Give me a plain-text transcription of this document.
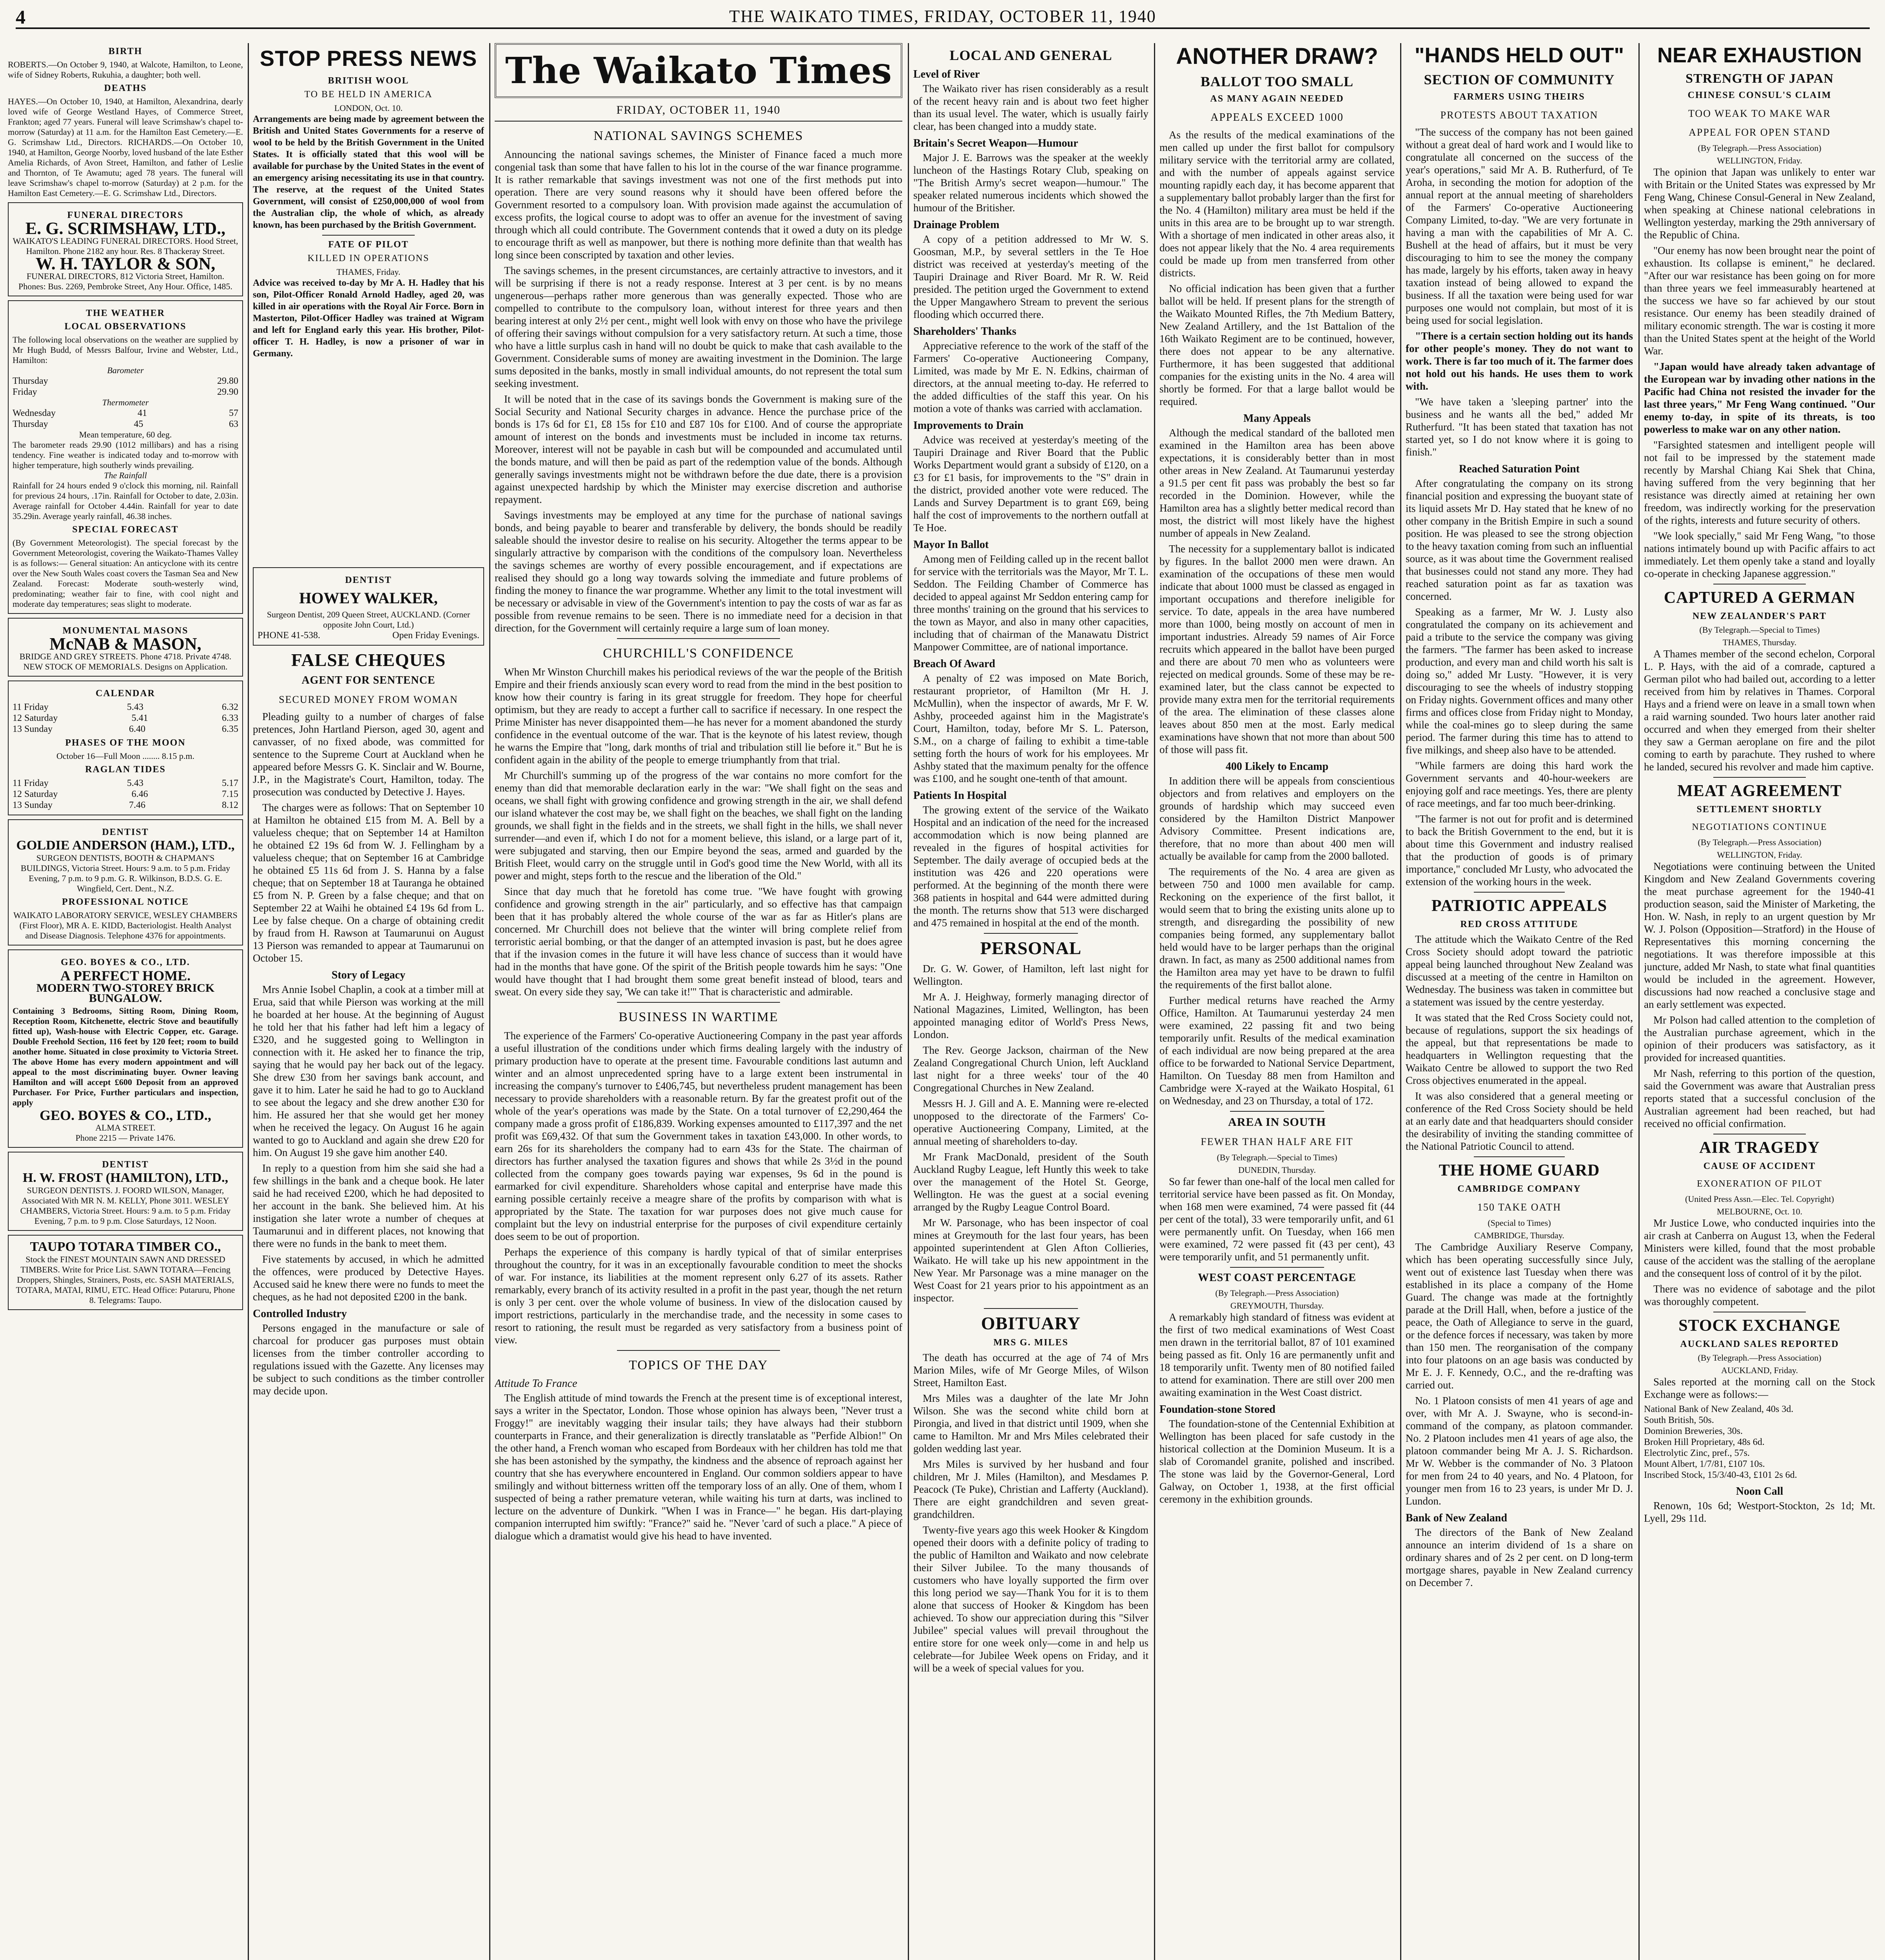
4	THE WAIKATO TIMES, FRIDAY, OCTOBER 11, 1940
BIRTH
ROBERTS.—On October 9, 1940, at Walcote, Hamilton, to Leone, wife of Sidney Roberts, Rukuhia, a daughter; both well.
DEATHS
HAYES.—On October 10, 1940, at Hamilton, Alexandrina, dearly loved wife of George Westland Hayes, of Commerce Street, Frankton; aged 77 years. Funeral will leave Scrimshaw's chapel to-morrow (Saturday) at 11 a.m. for the Hamilton East Cemetery.—E. G. Scrimshaw Ltd., Directors. RICHARDS.—On October 10, 1940, at Hamilton, George Noorby, loved husband of the late Esther Amelia Richards, of Avon Street, Hamilton, and father of Leslie and Thornton, of Te Awamutu; aged 78 years. The funeral will leave Scrimshaw's chapel to-morrow (Saturday) at 2 p.m. for the Hamilton East Cemetery.—E. G. Scrimshaw Ltd., Directors.
FUNERAL DIRECTORS
E. G. SCRIMSHAW, LTD.,
WAIKATO'S LEADING FUNERAL DIRECTORS. Hood Street, Hamilton. Phone 2182 any hour. Res. 8 Thackeray Street.
W. H. TAYLOR & SON,
FUNERAL DIRECTORS, 812 Victoria Street, Hamilton. Phones: Bus. 2269, Pembroke Street, Any Hour. Office, 1485.
THE WEATHER
LOCAL OBSERVATIONS
The following local observations on the weather are supplied by Mr Hugh Budd, of Messrs Balfour, Irvine and Webster, Ltd., Hamilton:
Barometer
Thursday	29.80
Friday	29.90
Thermometer
Wednesday	41	57
Thursday	45	63
Mean temperature, 60 deg.
The barometer reads 29.90 (1012 millibars) and has a rising tendency. Fine weather is indicated today and to-morrow with higher temperature, high southerly winds prevailing.
The Rainfall
Rainfall for 24 hours ended 9 o'clock this morning, nil. Rainfall for previous 24 hours, .17in. Rainfall for October to date, 2.03in. Average rainfall for October 4.44in. Rainfall for year to date 35.29in. Average yearly rainfall, 46.38 inches.
SPECIAL FORECAST
(By Government Meteorologist). The special forecast by the Government Meteorologist, covering the Waikato-Thames Valley is as follows:— General situation: An anticyclone with its centre over the New South Wales coast covers the Tasman Sea and New Zealand. Forecast: Moderate south-westerly wind, predominating; weather fair to fine, with cool night and moderate day temperatures; seas slight to moderate.
MONUMENTAL MASONS
McNAB & MASON,
BRIDGE AND GREY STREETS. Phone 4718. Private 4748. NEW STOCK OF MEMORIALS. Designs on Application.
CALENDAR
11 Friday	5.43	6.32
12 Saturday	5.41	6.33
13 Sunday	6.40	6.35
PHASES OF THE MOON
October 16—Full Moon ........ 8.15 p.m.
RAGLAN TIDES
11 Friday	5.43	5.17
12 Saturday	6.46	7.15
13 Sunday	7.46	8.12
DENTIST
GOLDIE ANDERSON (HAM.), LTD.,
SURGEON DENTISTS, BOOTH & CHAPMAN'S BUILDINGS, Victoria Street. Hours: 9 a.m. to 5 p.m. Friday Evening, 7 p.m. to 9 p.m. G. R. Wilkinson, B.D.S. G. E. Wingfield, Cert. Dent., N.Z.
PROFESSIONAL NOTICE
WAIKATO LABORATORY SERVICE, WESLEY CHAMBERS (First Floor), MR A. E. KIDD, Bacteriologist. Health Analyst and Disease Diagnosis. Telephone 4376 for appointments.
GEO. BOYES & CO., LTD.
A PERFECT HOME.
MODERN TWO-STOREY BRICK BUNGALOW.
Containing 3 Bedrooms, Sitting Room, Dining Room, Reception Room, Kitchenette, electric Stove and beautifully fitted up), Wash-house with Electric Copper, etc. Garage. Double Freehold Section, 116 feet by 120 feet; room to build another home. Situated in close proximity to Victoria Street. The above Home has every modern appointment and will appeal to the most discriminating buyer. Owner leaving Hamilton and will accept £600 Deposit from an approved Purchaser. For Price, Further particulars and inspection, apply
GEO. BOYES & CO., LTD.,
ALMA STREET.
Phone 2215 — Private 1476.
DENTIST
H. W. FROST (HAMILTON), LTD.,
SURGEON DENTISTS. J. FOORD WILSON, Manager, Associated With MR N. M. KELLY, Phone 3011. WESLEY CHAMBERS, Victoria Street. Hours: 9 a.m. to 5 p.m. Friday Evening, 7 p.m. to 9 p.m. Close Saturdays, 12 Noon.
TAUPO TOTARA TIMBER CO.,
Stock the FINEST MOUNTAIN SAWN AND DRESSED TIMBERS. Write for Price List. SAWN TOTARA—Fencing Droppers, Shingles, Strainers, Posts, etc. SASH MATERIALS, TOTARA, MATAI, RIMU, ETC. Head Office: Putaruru, Phone 8. Telegrams: Taupo.
STOP PRESS NEWS
BRITISH WOOL
TO BE HELD IN AMERICA
LONDON, Oct. 10.
Arrangements are being made by agreement between the British and United States Governments for a reserve of wool to be held by the British Government in the United States. It is officially stated that this wool will be available for purchase by the United States in the event of an emergency arising necessitating its use in that country. The reserve, at the request of the United States Government, will consist of £250,000,000 of wool from the Australian clip, the whole of which, as already known, has been purchased by the British Government.
FATE OF PILOT
KILLED IN OPERATIONS
THAMES, Friday.
Advice was received to-day by Mr A. H. Hadley that his son, Pilot-Officer Ronald Arnold Hadley, aged 20, was killed in air operations with the Royal Air Force. Born in Masterton, Pilot-Officer Hadley was trained at Wigram and left for England early this year. His brother, Pilot-officer T. H. Hadley, is now a prisoner of war in Germany.
DENTIST
HOWEY WALKER,
Surgeon Dentist, 209 Queen Street, AUCKLAND. (Corner opposite John Court, Ltd.)
PHONE 41-538.	Open Friday Evenings.
FALSE CHEQUES
AGENT FOR SENTENCE
SECURED MONEY FROM WOMAN

Pleading guilty to a number of charges of false pretences, John Hartland Pierson, aged 30, agent and canvasser, of no fixed abode, was committed for sentence to the Supreme Court at Auckland when he appeared before Messrs G. K. Sinclair and W. Bourne, J.P., in the Magistrate's Court, Hamilton, today. The prosecution was conducted by Detective J. Hayes.

The charges were as follows: That on September 10 at Hamilton he obtained £15 from M. A. Bell by a valueless cheque; that on September 14 at Hamilton he obtained £2 19s 6d from W. J. Fellingham by a valueless cheque; that on September 16 at Cambridge he obtained £5 11s 6d from J. S. Hanna by a false cheque; that on September 18 at Tauranga he obtained £5 from N. P. Green by a false cheque; and that on September 22 at Waihi he obtained £4 19s 6d from L. Lee by false cheque. On a charge of obtaining credit by fraud from H. Rawson at Taumarunui on August 13 Pierson was remanded to appear at Taumarunui on October 15.

Story of Legacy

Mrs Annie Isobel Chaplin, a cook at a timber mill at Erua, said that while Pierson was working at the mill he boarded at her house. At the beginning of August he told her that his father had left him a legacy of £320, and he suggested going to Wellington in connection with it. He asked her to finance the trip, saying that he would pay her back out of the legacy. She drew £30 from her savings bank account, and gave it to him. Later he said he had to go to Auckland to see about the legacy and she drew another £30 for him. He assured her that she would get her money when he received the legacy. On August 16 he again wanted to go to Auckland and again she drew £20 for him. On August 19 she gave him another £40.

In reply to a question from him she said she had a few shillings in the bank and a cheque book. He later said he had received £200, which he had deposited to her account in the bank. She believed him. At his instigation she later wrote a number of cheques at Taumarunui and in different places, not knowing that there were no funds in the bank to meet them.

Five statements by accused, in which he admitted the offences, were produced by Detective Hayes. Accused said he knew there were no funds to meet the cheques, as he had not deposited £200 in the bank.

Controlled Industry

Persons engaged in the manufacture or sale of charcoal for producer gas purposes must obtain licenses from the timber controller according to regulations issued with the Gazette. Any licenses may be subject to such conditions as the timber controller may decide upon.

The Waikato Times
FRIDAY, OCTOBER 11, 1940
NATIONAL SAVINGS SCHEMES

Announcing the national savings schemes, the Minister of Finance faced a much more congenial task than some that have fallen to his lot in the course of the war finance programme. It is rather remarkable that savings investment was not one of the first methods put into operation. There are very sound reasons why it should have been offered before the Government resorted to a compulsory loan. With provision made against the accumulation of excess profits, the logical course to adopt was to offer an avenue for the investment of saving through which all could contribute. The Government contends that it owed a duty on its pledge to encourage thrift as well as manpower, but there is nothing more definite than that wealth has long since been conscripted by taxation and other levies.

The savings schemes, in the present circumstances, are certainly attractive to investors, and it will be surprising if there is not a ready response. Interest at 3 per cent. is by no means ungenerous—perhaps rather more generous than was generally expected. Those who are compelled to contribute to the compulsory loan, without interest for three years and then bearing interest at only 2½ per cent., might well look with envy on those who have the privilege of offering their savings without compulsion for a very satisfactory return. At such a time, those who have a little surplus cash in hand will no doubt be quick to make that cash available to the Government. Considerable sums of money are awaiting investment in the Dominion. The large sums deposited in the banks, mostly in small individual amounts, do not represent the total sum seeking investment.

It will be noted that in the case of its savings bonds the Government is making sure of the Social Security and National Security charges in advance. Hence the purchase price of the bonds is 17s 6d for £1, £8 15s for £10 and £87 10s for £100. And of course the appropriate amount of interest on the bonds and investments must be included in income tax returns. Moreover, interest will not be payable in cash but will be compounded and accumulated until the bonds mature, and will then be paid as part of the redemption value of the bonds. Although generally savings investments might not be withdrawn before the due date, there is a provision against unexpected hardship by which the Minister may exercise discretion and authorise repayment.

Savings investments may be employed at any time for the purchase of national savings bonds, and being payable to bearer and transferable by delivery, the bonds should be readily saleable should the investor desire to realise on his security. Altogether the terms appear to be singularly attractive by comparison with the conditions of the compulsory loan. Nevertheless the savings schemes are worthy of every possible encouragement, and if expectations are realised they should go a long way towards solving the immediate and future problems of finding the money to finance the war programme. Whether any limit to the total investment will be necessary or advisable in view of the Government's intention to pay the costs of war as far as possible from revenue remains to be seen. There is no immediate need for a decision in that direction, for the Government will certainly require a large sum of loan money.

CHURCHILL'S CONFIDENCE

When Mr Winston Churchill makes his periodical reviews of the war the people of the British Empire and their friends anxiously scan every word to read from the mind in the best position to know how their country is faring in its great struggle for freedom. They hope for cheerful optimism, but they are ready to accept a further call to sacrifice if necessary. In one respect the Prime Minister has never disappointed them—he has never for a moment abandoned the sturdy confidence in the eventual outcome of the war. That is the keynote of his latest review, though he warns the Empire that "long, dark months of trial and tribulation still lie before it." But he is confident again in the ability of the people to emerge triumphantly from that trial.

Mr Churchill's summing up of the progress of the war contains no more comfort for the enemy than did that memorable declaration early in the war: "We shall fight on the seas and oceans, we shall fight with growing confidence and growing strength in the air, we shall defend our island whatever the cost may be, we shall fight on the beaches, we shall fight on the landing grounds, we shall fight in the fields and in the streets, we shall fight in the hills, we shall never surrender—and even if, which I do not for a moment believe, this island, or a large part of it, were subjugated and starving, then our Empire beyond the seas, armed and guarded by the British Fleet, would carry on the struggle until in God's good time the New World, with all its power and might, steps forth to the rescue and the liberation of the Old."

Since that day much that he foretold has come true. "We have fought with growing confidence and growing strength in the air" particularly, and so effective has that campaign been that it has probably altered the whole course of the war as far as Hitler's plans are concerned. Mr Churchill does not believe that the winter will bring complete relief from terroristic aerial bombing, or that the danger of an attempted invasion is past, but he does agree that if the invasion comes in the future it will have less chance of success than it would have had in the months that have gone. Of the spirit of the British people towards him he says: "One would have thought that I had brought them some great benefit instead of blood, tears and sweat. On every side they say, 'We can take it!'" That is characteristic and admirable.

BUSINESS IN WARTIME

The experience of the Farmers' Co-operative Auctioneering Company in the past year affords a useful illustration of the conditions under which firms dealing largely with the industry of primary production have to operate at the present time. Favourable conditions last autumn and winter and an almost unprecedented spring have to a large extent been instrumental in increasing the company's turnover to £406,745, but nevertheless prudent management has been necessary to provide shareholders with a reasonable return. By far the greatest profit out of the whole of the year's operations was made by the State. On a total turnover of £2,290,464 the company made a gross profit of £186,839. Working expenses amounted to £117,397 and the net profit was £69,432. Of that sum the Government takes in taxation £43,000. In other words, to earn 26s for its shareholders the company had to earn 43s for the State. The chairman of directors has further analysed the taxation figures and shows that while 2s 3½d in the pound collected from the company goes towards paying war expenses, 9s 6d in the pound is earmarked for civil expenditure. Shareholders whose capital and enterprise have made this earning possible certainly receive a meagre share of the profits by comparison with what is appropriated by the State. The taxation for war purposes does not give much cause for complaint but the levy on industrial enterprise for the purposes of civil expenditure certainly does seem to be out of proportion.

Perhaps the experience of this company is hardly typical of that of similar enterprises throughout the country, for it was in an exceptionally favourable condition to meet the shocks of war. For instance, its liabilities at the moment represent only 6.27 of its assets. Rather remarkably, every branch of its activity resulted in a profit in the past year, though the net return is only 3 per cent. over the whole volume of business. In view of the dislocation caused by import restrictions, particularly in the merchandise trade, and the necessity in some cases to resort to rationing, the result must be regarded as very satisfactory from a business point of view.

TOPICS OF THE DAY
Attitude To France

The English attitude of mind towards the French at the present time is of exceptional interest, says a writer in the Spectator, London. Those whose opinion has always been, "Never trust a Froggy!" are inevitably wagging their insular tails; they have always had their stubborn counterparts in France, and their generalization is directly translatable as "Perfide Albion!" On the other hand, a French woman who escaped from Bordeaux with her children has told me that she has been astonished by the sympathy, the kindness and the absence of reproach against her country that she has everywhere encountered in England. Our common soldiers appear to have smilingly and without bitterness written off the temporary loss of an ally. One of them, whom I suspected of being a rather premature veteran, while waiting his turn at darts, was inclined to lecture on the adventure of Dunkirk. "When I was in France—" he began. His dart-playing companion interrupted him swiftly: "France?" said he. "Never 'card of such a place." A piece of dialogue which a dramatist would give his head to have invented.

LOCAL AND GENERAL
Level of River

The Waikato river has risen considerably as a result of the recent heavy rain and is about two feet higher than its usual level. The water, which is usually fairly clear, has been changed into a muddy state.

Britain's Secret Weapon—Humour

Major J. E. Barrows was the speaker at the weekly luncheon of the Hastings Rotary Club, speaking on "The British Army's secret weapon—humour." The speaker related numerous incidents which showed the humour of the Britisher.

Drainage Problem

A copy of a petition addressed to Mr W. S. Goosman, M.P., by several settlers in the Te Hoe district was received at yesterday's meeting of the Taupiri Drainage and River Board. Mr R. W. Reid presided. The petition urged the Government to extend the Upper Mangawhero Stream to prevent the serious flooding which occurred there.

Shareholders' Thanks

Appreciative reference to the work of the staff of the Farmers' Co-operative Auctioneering Company, Limited, was made by Mr E. N. Edkins, chairman of directors, at the annual meeting to-day. He referred to the added difficulties of the staff this year. On his motion a vote of thanks was carried with acclamation.

Improvements to Drain

Advice was received at yesterday's meeting of the Taupiri Drainage and River Board that the Public Works Department would grant a subsidy of £120, on a £3 for £1 basis, for improvements to the "S" drain in the district, provided another vote were reduced. The Lands and Survey Department is to grant £69, being half the cost of improvements to the northern outfall at Te Hoe.

Mayor In Ballot

Among men of Feilding called up in the recent ballot for service with the territorials was the Mayor, Mr T. L. Seddon. The Feilding Chamber of Commerce has decided to appeal against Mr Seddon entering camp for three months' training on the ground that his services to the town as Mayor, and also in many other capacities, including that of chairman of the Manawatu District Manpower Committee, are of national importance.

Breach Of Award

A penalty of £2 was imposed on Mate Borich, restaurant proprietor, of Hamilton (Mr H. J. McMullin), when the inspector of awards, Mr F. W. Ashby, proceeded against him in the Magistrate's Court, Hamilton, today, before Mr S. L. Paterson, S.M., on a charge of failing to exhibit a time-table setting forth the hours of work for his employees. Mr Ashby stated that the maximum penalty for the offence was £100, and he sought one-tenth of that amount.

Patients In Hospital

The growing extent of the service of the Waikato Hospital and an indication of the need for the increased accommodation which is now being planned are revealed in the figures of hospital activities for September. The daily average of occupied beds at the institution was 426 and 220 operations were performed. At the beginning of the month there were 368 patients in hospital and 644 were admitted during the month. The returns show that 513 were discharged and 475 remained in hospital at the end of the month.

PERSONAL

Dr. G. W. Gower, of Hamilton, left last night for Wellington.

Mr A. J. Heighway, formerly managing director of National Magazines, Limited, Wellington, has been appointed managing editor of World's Press News, London.

The Rev. George Jackson, chairman of the New Zealand Congregational Church Union, left Auckland last night for a three weeks' tour of the 40 Congregational Churches in New Zealand.

Messrs H. J. Gill and A. E. Manning were re-elected unopposed to the directorate of the Farmers' Co-operative Auctioneering Company, Limited, at the annual meeting of shareholders to-day.

Mr Frank MacDonald, president of the South Auckland Rugby League, left Huntly this week to take over the management of the Hotel St. George, Wellington. He was the guest at a social evening arranged by the Rugby League Control Board.

Mr W. Parsonage, who has been inspector of coal mines at Greymouth for the last four years, has been appointed superintendent at Glen Afton Collieries, Waikato. He will take up his new appointment in the New Year. Mr Parsonage was a mine manager on the West Coast for 21 years prior to his appointment as an inspector.

OBITUARY
MRS G. MILES

The death has occurred at the age of 74 of Mrs Marion Miles, wife of Mr George Miles, of Wilson Street, Hamilton East.

Mrs Miles was a daughter of the late Mr John Wilson. She was the second white child born at Pirongia, and lived in that district until 1909, when she came to Hamilton. Mr and Mrs Miles celebrated their golden wedding last year.

Mrs Miles is survived by her husband and four children, Mr J. Miles (Hamilton), and Mesdames P. Peacock (Te Puke), Christian and Lafferty (Auckland). There are eight grandchildren and seven great-grandchildren.

Twenty-five years ago this week Hooker & Kingdom opened their doors with a definite policy of trading to the public of Hamilton and Waikato and now celebrate their Silver Jubilee. To the many thousands of customers who have loyally supported the firm over this long period we say—Thank You for it is to them alone that success of Hooker & Kingdom has been achieved. To show our appreciation during this "Silver Jubilee" special values will prevail throughout the entire store for one week only—come in and help us celebrate—for Jubilee Week opens on Friday, and it will be a week of special values for you.

ANOTHER DRAW?
BALLOT TOO SMALL
AS MANY AGAIN NEEDED
APPEALS EXCEED 1000

As the results of the medical examinations of the men called up under the first ballot for compulsory military service with the territorial army are collated, and with the number of appeals against service mounting rapidly each day, it has become apparent that a supplementary ballot probably larger than the first for the No. 4 (Hamilton) military area must be held if the units in this area are to be brought up to war strength. With a shortage of men indicated in other areas also, it does not appear likely that the No. 4 area requirements could be made up from men transferred from other districts.

No official indication has been given that a further ballot will be held. If present plans for the strength of the Waikato Mounted Rifles, the 7th Medium Battery, New Zealand Artillery, and the 1st Battalion of the 16th Waikato Regiment are to be continued, however, there does not appear to be any alternative. Furthermore, it has been suggested that additional companies for the existing units in the No. 4 area will shortly be formed. For that a large ballot would be required.

Many Appeals

Although the medical standard of the balloted men examined in the Hamilton area has been above expectations, it is considerably better than in most other areas in New Zealand. At Taumarunui yesterday a 91.5 per cent fit pass was probably the best so far recorded in the Dominion. However, while the Hamilton area has a slightly better medical record than most, the district will most likely have the highest number of appeals in New Zealand.

The necessity for a supplementary ballot is indicated by figures. In the ballot 2000 men were drawn. An examination of the occupations of these men would indicate that about 1000 must be classed as engaged in important occupations and therefore ineligible for service. To date, appeals in the area have numbered more than 1000, being mostly on account of men in important industries. Already 59 names of Air Force recruits which appeared in the ballot have been purged and there are about 70 men who as volunteers were rejected on medical grounds. Some of these may be re-examined later, but the class cannot be expected to provide many extra men for the territorial requirements of the area. The elimination of these classes alone leaves about 850 men at the most. Early medical examinations have shown that not more than about 500 of those will pass fit.

400 Likely to Encamp

In addition there will be appeals from conscientious objectors and from relatives and employers on the grounds of hardship which may succeed even considered by the Hamilton District Manpower Advisory Committee. Present indications are, therefore, that no more than about 400 men will actually be available for camp from the 2000 balloted.

The requirements of the No. 4 area are given as between 750 and 1000 men available for camp. Reckoning on the experience of the first ballot, it would seem that to bring the existing units alone up to strength, and disregarding the possibility of new companies being formed, any supplementary ballot held would have to be larger perhaps than the original drawn. In fact, as many as 2500 additional names from the Hamilton area may yet have to be drawn to fulfil the requirements of the first ballot alone.

Further medical returns have reached the Army Office, Hamilton. At Taumarunui yesterday 24 men were examined, 22 passing fit and two being temporarily unfit. Results of the medical examination of each individual are now being prepared at the area office to be forwarded to National Service Department, Hamilton. On Tuesday 88 men from Hamilton and Cambridge were X-rayed at the Waikato Hospital, 61 on Wednesday, and 23 on Thursday, a total of 172.

AREA IN SOUTH
FEWER THAN HALF ARE FIT
(By Telegraph.—Special to Times)
DUNEDIN, Thursday.

So far fewer than one-half of the local men called for territorial service have been passed as fit. On Monday, when 168 men were examined, 74 were passed fit (44 per cent of the total), 33 were temporarily unfit, and 61 were permanently unfit. On Tuesday, when 166 men were examined, 72 were passed fit (43 per cent), 43 were temporarily unfit, and 51 permanently unfit.

WEST COAST PERCENTAGE
(By Telegraph.—Press Association)
GREYMOUTH, Thursday.

A remarkably high standard of fitness was evident at the first of two medical examinations of West Coast men drawn in the territorial ballot, 87 of 101 examined being passed as fit. Only 16 are permanently unfit and 18 temporarily unfit. Twenty men of 80 notified failed to attend for examination. There are still over 200 men awaiting examination in the West Coast district.

Foundation-stone Stored

The foundation-stone of the Centennial Exhibition at Wellington has been placed for safe custody in the historical collection at the Dominion Museum. It is a slab of Coromandel granite, polished and inscribed. The stone was laid by the Governor-General, Lord Galway, on October 1, 1938, at the first official ceremony in the exhibition grounds.

"HANDS HELD OUT"
SECTION OF COMMUNITY
FARMERS USING THEIRS
PROTESTS ABOUT TAXATION

"The success of the company has not been gained without a great deal of hard work and I would like to congratulate all concerned on the success of the year's operations," said Mr A. B. Rutherfurd, of Te Aroha, in seconding the motion for adoption of the annual report at the annual meeting of shareholders of the Farmers' Co-operative Auctioneering Company Limited, to-day. "We are very fortunate in having a man with the capabilities of Mr A. C. Bushell at the head of affairs, but it must be very discouraging to him to see the money the company has made, largely by his efforts, taken away in heavy taxation instead of being allowed to expand the business. If all the taxation were being used for war purposes one would not complain, but most of it is being used for social legislation.

"There is a certain section holding out its hands for other people's money. They do not want to work. There is far too much of it. The farmer does not hold out his hands. He uses them to work with.

"We have taken a 'sleeping partner' into the business and he wants all the bed," added Mr Rutherfurd. "It has been stated that taxation has not started yet, so I do not know where it is going to finish."

Reached Saturation Point

After congratulating the company on its strong financial position and expressing the buoyant state of its liquid assets Mr D. Hay stated that he knew of no other company in the British Empire in such a sound position. He was pleased to see the strong objection to the heavy taxation coming from such an influential source, as it was about time the Government realised that businesses could not stand any more. They had reached saturation point as far as taxation was concerned.

Speaking as a farmer, Mr W. J. Lusty also congratulated the company on its achievement and paid a tribute to the service the company was giving the farmers. "The farmer has been asked to increase production, and every man and child worth his salt is doing so," added Mr Lusty. "However, it is very discouraging to see the wheels of industry stopping on Friday nights. Government offices and many other firms and offices close from Friday night to Monday, while the coal-mines go to sleep during the same period. The farmer during this time has to attend to five milkings, and sheep also have to be attended.

"While farmers are doing this hard work the Government servants and 40-hour-weekers are enjoying golf and race meetings. Yes, there are plenty of race meetings, and far too much beer-drinking.

"The farmer is not out for profit and is determined to back the British Government to the end, but it is about time this Government and industry realised that the production of goods is of primary importance," concluded Mr Lusty, who advocated the extension of the working hours in the week.

PATRIOTIC APPEALS
RED CROSS ATTITUDE

The attitude which the Waikato Centre of the Red Cross Society should adopt toward the patriotic appeal being launched throughout New Zealand was discussed at a meeting of the centre in Hamilton on Wednesday. The business was taken in committee but a statement was issued by the centre yesterday.

It was stated that the Red Cross Society could not, because of regulations, support the six headings of the appeal, but that representations be made to headquarters in Wellington requesting that the Waikato Centre be allowed to support the two Red Cross objectives enumerated in the appeal.

It was also considered that a general meeting or conference of the Red Cross Society should be held at an early date and that headquarters should consider the desirability of inviting the standing committee of the National Patriotic Council to attend.

THE HOME GUARD
CAMBRIDGE COMPANY
150 TAKE OATH
(Special to Times)
CAMBRIDGE, Thursday.

The Cambridge Auxiliary Reserve Company, which has been operating successfully since July, went out of existence last Tuesday when there was established in its place a company of the Home Guard. The change was made at the fortnightly parade at the Drill Hall, when, before a justice of the peace, the Oath of Allegiance to serve in the guard, or the defence forces if necessary, was taken by more than 150 men. The reorganisation of the company into four platoons on an age basis was conducted by Mr E. J. F. Kennedy, O.C., and the re-drafting was carried out.

No. 1 Platoon consists of men 41 years of age and over, with Mr A. J. Swayne, who is second-in-command of the company, as platoon commander. No. 2 Platoon includes men 41 years of age also, the platoon commander being Mr A. J. S. Richardson. Mr W. Webber is the commander of No. 3 Platoon for men from 24 to 40 years, and No. 4 Platoon, for younger men from 16 to 23 years, is under Mr D. J. Lundon.

Bank of New Zealand

The directors of the Bank of New Zealand announce an interim dividend of 1s a share on ordinary shares and of 2s 2 per cent. on D long-term mortgage shares, payable in New Zealand currency on December 7.

NEAR EXHAUSTION
STRENGTH OF JAPAN
CHINESE CONSUL'S CLAIM
TOO WEAK TO MAKE WAR
APPEAL FOR OPEN STAND
(By Telegraph.—Press Association)
WELLINGTON, Friday.

The opinion that Japan was unlikely to enter war with Britain or the United States was expressed by Mr Feng Wang, Chinese Consul-General in New Zealand, when speaking at Chinese national celebrations in Wellington yesterday, marking the 29th anniversary of the Republic of China.

"Our enemy has now been brought near the point of exhaustion. Its collapse is eminent," he declared. "After our war resistance has been going on for more than three years we feel immeasurably heartened at the success we have so far achieved by our stout resistance. Our enemy has been steadily drained of military economic strength. The war is costing it more than the United States spent at the height of the World War.

"Japan would have already taken advantage of the European war by invading other nations in the Pacific had China not resisted the invader for the last three years," Mr Feng Wang continued. "Our enemy to-day, in spite of its threats, is too powerless to make war on any other nation.

"Farsighted statesmen and intelligent people will not fail to be impressed by the statement made recently by Marshal Chiang Kai Shek that China, having suffered from the very beginning that her resistance was directly aimed at retaining her own freedom, was indirectly working for the preservation of the rights, interests and future security of others.

"We look specially," said Mr Feng Wang, "to those nations intimately bound up with Pacific affairs to act immediately. Let them openly take a stand and loyally co-operate in checking Japanese aggression."

CAPTURED A GERMAN
NEW ZEALANDER'S PART
(By Telegraph.—Special to Times)
THAMES, Thursday.

A Thames member of the second echelon, Corporal L. P. Hays, with the aid of a comrade, captured a German pilot who had bailed out, according to a letter received from him by relatives in Thames. Corporal Hays and a friend were on leave in a small town when a raid warning sounded. Two hours later another raid occurred and when they emerged from their shelter they saw a German aeroplane on fire and the pilot coming to earth by parachute. They rushed to where he landed, secured his revolver and made him captive.

MEAT AGREEMENT
SETTLEMENT SHORTLY
NEGOTIATIONS CONTINUE
(By Telegraph.—Press Association)
WELLINGTON, Friday.

Negotiations were continuing between the United Kingdom and New Zealand Governments covering the meat purchase agreement for the 1940-41 production season, said the Minister of Marketing, the Hon. W. Nash, in reply to an urgent question by Mr W. J. Polson (Opposition—Stratford) in the House of Representatives this morning concerning the negotiations. It was therefore impossible at this juncture, added Mr Nash, to state what final quantities would be included in the agreement. However, discussions had now reached a conclusive stage and an early settlement was expected.

Mr Polson had called attention to the completion of the Australian purchase agreement, which in the opinion of their producers was satisfactory, as it provided for increased quantities.

Mr Nash, referring to this portion of the question, said the Government was aware that Australian press reports stated that a successful conclusion of the Australian agreement had been reached, but had received no official confirmation.

AIR TRAGEDY
CAUSE OF ACCIDENT
EXONERATION OF PILOT
(United Press Assn.—Elec. Tel. Copyright)
MELBOURNE, Oct. 10.

Mr Justice Lowe, who conducted inquiries into the air crash at Canberra on August 13, when the Federal Ministers were killed, found that the most probable cause of the accident was the stalling of the aeroplane and the consequent loss of control of it by the pilot.

There was no evidence of sabotage and the pilot was thoroughly competent.

STOCK EXCHANGE
AUCKLAND SALES REPORTED
(By Telegraph.—Press Association)
AUCKLAND, Friday.

Sales reported at the morning call on the Stock Exchange were as follows:—

National Bank of New Zealand, 40s 3d.
South British, 50s.
Dominion Breweries, 30s.
Broken Hill Proprietary, 48s 6d.
Electrolytic Zinc, pref., 57s.
Mount Albert, 1/7/81, £107 10s.
Inscribed Stock, 15/3/40-43, £101 2s 6d.
Noon Call

Renown, 10s 6d; Westport-Stockton, 2s 1d; Mt. Lyell, 29s 11d.
